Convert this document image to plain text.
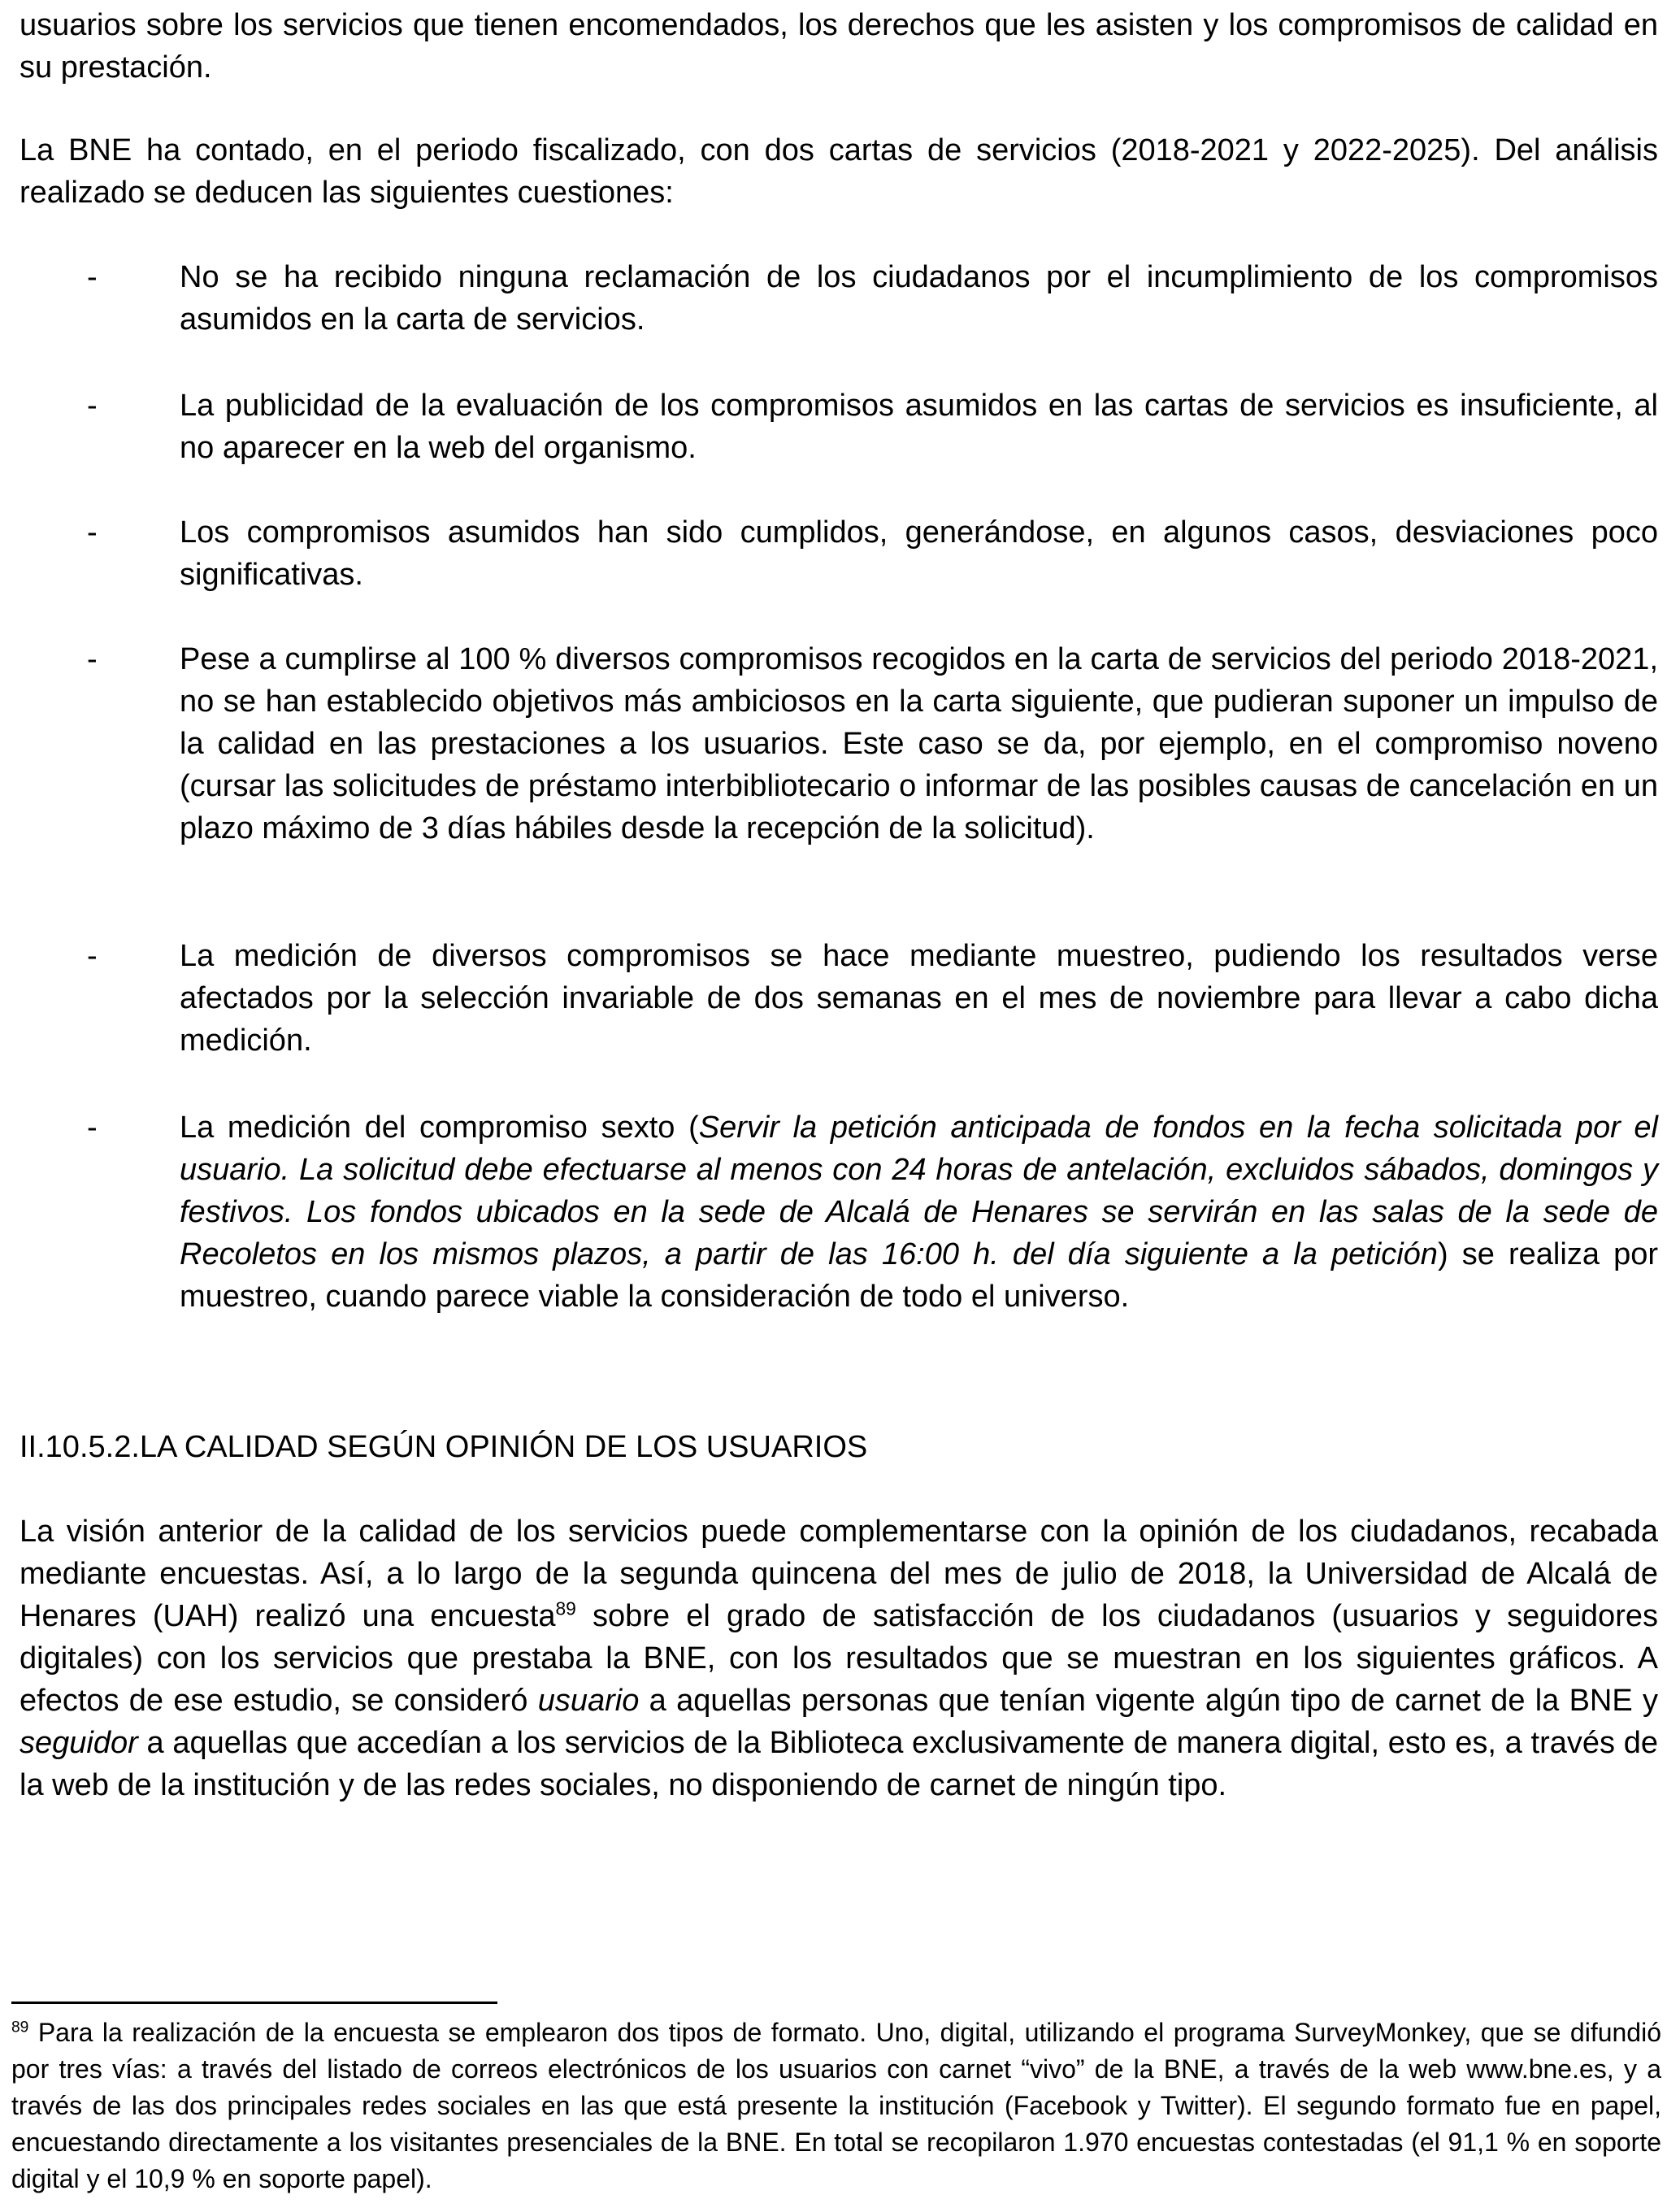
usuarios sobre los servicios que tienen encomendados, los derechos que les asisten y los compromisos de calidad en su prestación.

La BNE ha contado, en el periodo fiscalizado, con dos cartas de servicios (2018-2021 y 2022-2025). Del análisis realizado se deducen las siguientes cuestiones:

-	No se ha recibido ninguna reclamación de los ciudadanos por el incumplimiento de los compromisos asumidos en la carta de servicios.
-	La publicidad de la evaluación de los compromisos asumidos en las cartas de servicios es insuficiente, al no aparecer en la web del organismo.
-	Los compromisos asumidos han sido cumplidos, generándose, en algunos casos, desviaciones poco significativas.
-	Pese a cumplirse al 100 % diversos compromisos recogidos en la carta de servicios del periodo 2018-2021, no se han establecido objetivos más ambiciosos en la carta siguiente, que pudieran suponer un impulso de la calidad en las prestaciones a los usuarios. Este caso se da, por ejemplo, en el compromiso noveno (cursar las solicitudes de préstamo interbibliotecario o informar de las posibles causas de cancelación en un plazo máximo de 3 días hábiles desde la recepción de la solicitud).
-	La medición de diversos compromisos se hace mediante muestreo, pudiendo los resultados verse afectados por la selección invariable de dos semanas en el mes de noviembre para llevar a cabo dicha medición.
-	La medición del compromiso sexto (Servir la petición anticipada de fondos en la fecha solicitada por el usuario. La solicitud debe efectuarse al menos con 24 horas de antelación, excluidos sábados, domingos y festivos. Los fondos ubicados en la sede de Alcalá de Henares se servirán en las salas de la sede de Recoletos en los mismos plazos, a partir de las 16:00 h. del día siguiente a la petición) se realiza por muestreo, cuando parece viable la consideración de todo el universo.

II.10.5.2.LA CALIDAD SEGÚN OPINIÓN DE LOS USUARIOS

La visión anterior de la calidad de los servicios puede complementarse con la opinión de los ciudadanos, recabada mediante encuestas. Así, a lo largo de la segunda quincena del mes de julio de 2018, la Universidad de Alcalá de Henares (UAH) realizó una encuesta$^{89}$ sobre el grado de satisfacción de los ciudadanos (usuarios y seguidores digitales) con los servicios que prestaba la BNE, con los resultados que se muestran en los siguientes gráficos. A efectos de ese estudio, se consideró usuario a aquellas personas que tenían vigente algún tipo de carnet de la BNE y seguidor a aquellas que accedían a los servicios de la Biblioteca exclusivamente de manera digital, esto es, a través de la web de la institución y de las redes sociales, no disponiendo de carnet de ningún tipo.

$^{89}$ Para la realización de la encuesta se emplearon dos tipos de formato. Uno, digital, utilizando el programa SurveyMonkey, que se difundió por tres vías: a través del listado de correos electrónicos de los usuarios con carnet “vivo” de la BNE, a través de la web www.bne.es, y a través de las dos principales redes sociales en las que está presente la institución (Facebook y Twitter). El segundo formato fue en papel, encuestando directamente a los visitantes presenciales de la BNE. En total se recopilaron 1.970 encuestas contestadas (el 91,1 % en soporte digital y el 10,9 % en soporte papel).
